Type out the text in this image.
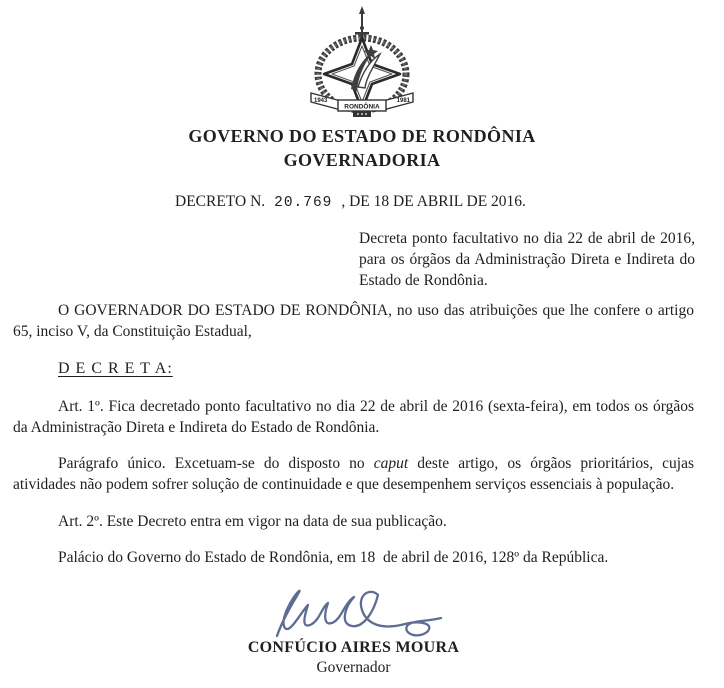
1943	1981
RONDÔNIA
GOVERNO DO ESTADO DE RONDÔNIA
GOVERNADORIA
DECRETO N. 20.769 , DE 18 DE ABRIL DE 2016.
Decreta ponto facultativo no dia 22 de abril de 2016, para os órgãos da Administração Direta e Indireta do Estado de Rondônia.

O GOVERNADOR DO ESTADO DE RONDÔNIA, no uso das atribuições que lhe confere o artigo 65, inciso V, da Constituição Estadual,

D E C R E T A:

Art. 1º. Fica decretado ponto facultativo no dia 22 de abril de 2016 (sexta-feira), em todos os órgãos da Administração Direta e Indireta do Estado de Rondônia.

Parágrafo único. Excetuam-se do disposto no caput deste artigo, os órgãos prioritários, cujas atividades não podem sofrer solução de continuidade e que desempenhem serviços essenciais à população.

Art. 2º. Este Decreto entra em vigor na data de sua publicação.

Palácio do Governo do Estado de Rondônia, em 18  de abril de 2016, 128º da República.

CONFÚCIO AIRES MOURA
Governador
